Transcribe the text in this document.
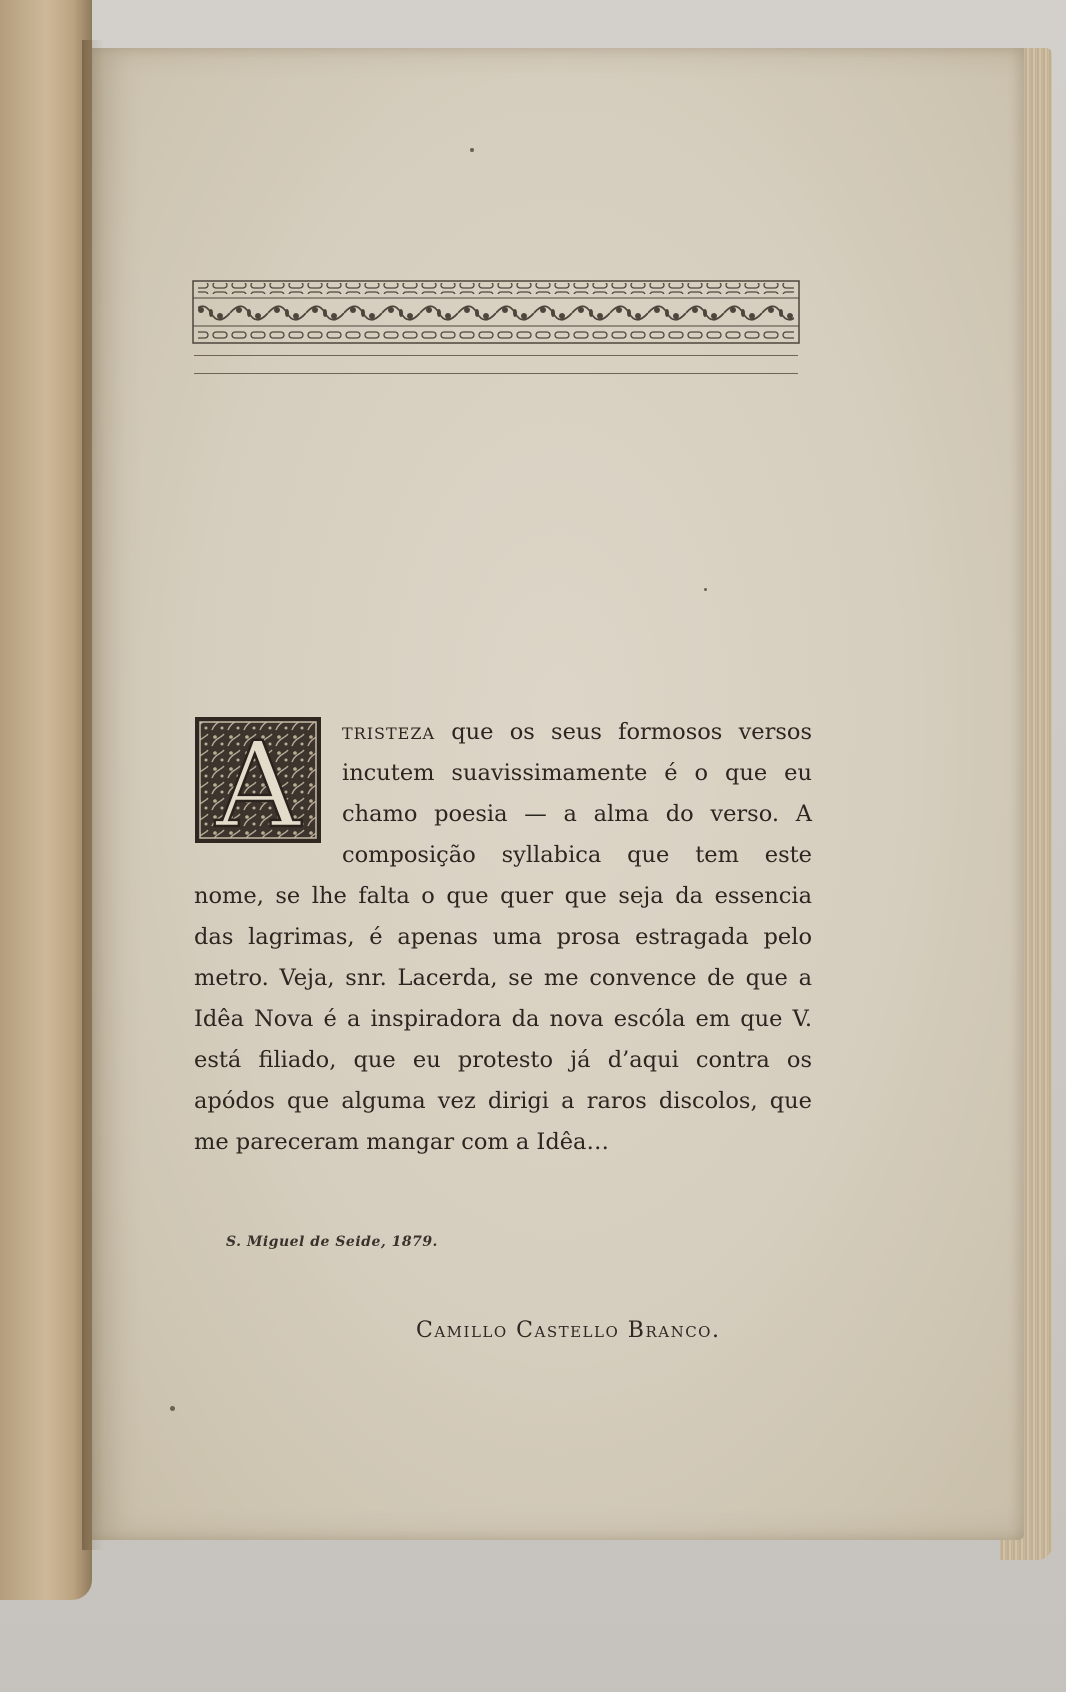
A tristeza que os seus formosos versos incutem suavissimamente é o que eu chamo poesia — a alma do verso. A composição syllabica que tem este nome, se lhe falta o que quer que seja da essencia das lagrimas, é apenas uma prosa estragada pelo metro. Veja, snr. Lacerda, se me convence de que a Idêa Nova é a inspiradora da nova escóla em que V. está filiado, que eu protesto já d’aqui contra os apódos que alguma vez dirigi a raros discolos, que me pareceram mangar com a Idêa…
S. Miguel de Seide, 1879.
Camillo Castello Branco.
